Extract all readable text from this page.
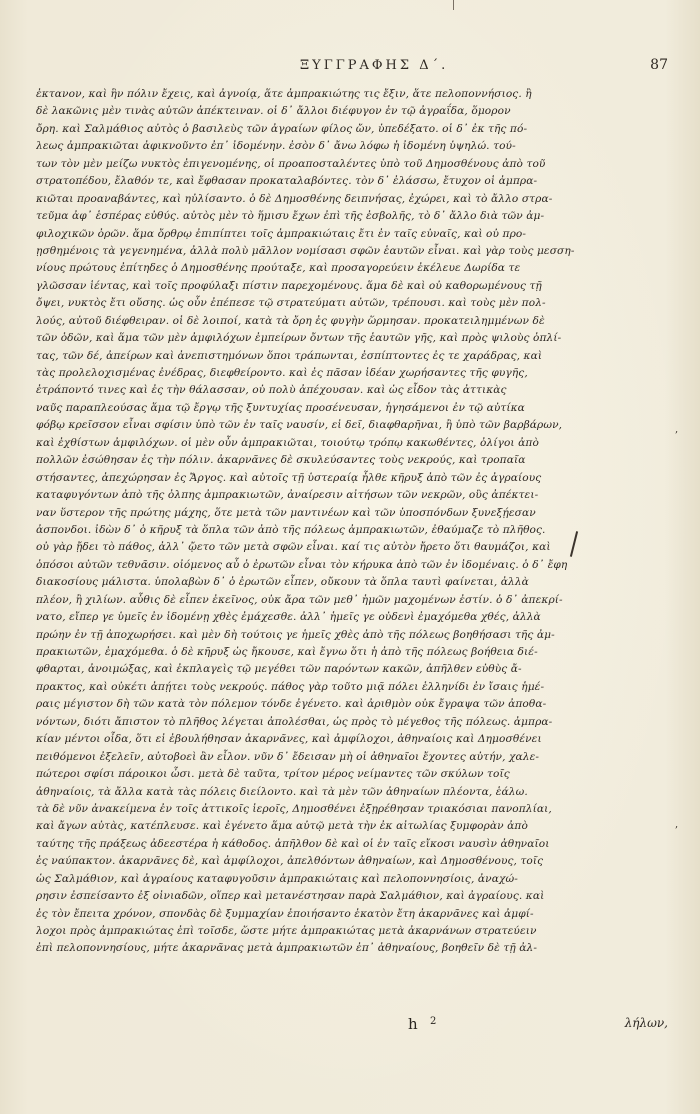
ΞΥΓΓΡΑΦΗΣ Δ΄.	87
ἐκτανον, καὶ ἣν πόλιν ἔχεις, καὶ ἀγνοίᾳ, ἅτε ἀμπρακιώτης τις ἔξιν, ἅτε πελοποννήσιος. ἢ
δὲ λακῶνις μὲν τινὰς αὐτῶν ἀπέκτειναν. οἱ δ᾽ ἄλλοι διέφυγον ἐν τῷ ἀγραΐδα, ὅμορον
ὄρη. καὶ Σαλμάθιος αὐτὸς ὁ βασιλεὺς τῶν ἀγραίων φίλος ὤν, ὑπεδέξατο. οἱ δ᾽ ἐκ τῆς πό-
λεως ἀμπρακιῶται ἀφικνοῦντο ἐπ᾽ ἰδομένην. ἐσὸν δ᾽ ἄνω λόφω ἡ ἰδομένη ὑψηλώ. τού-
των τὸν μὲν μείζω νυκτὸς ἐπιγενομένης, οἱ προαποσταλέντες ὑπὸ τοῦ Δημοσθένους ἀπὸ τοῦ
στρατοπέδου, ἔλαθόν τε, καὶ ἔφθασαν προκαταλαβόντες. τὸν δ᾽ ἐλάσσω, ἔτυχον οἱ ἀμπρα-
κιῶται προαναβάντες, καὶ ηὐλίσαντο. ὁ δὲ Δημοσθένης δειπνήσας, ἐχώρει, καὶ τὸ ἄλλο στρα-
τεῦμα ἀφ᾽ ἑσπέρας εὐθύς. αὐτὸς μὲν τὸ ἥμισυ ἔχων ἐπὶ τῆς ἐσβολῆς, τὸ δ᾽ ἄλλο διὰ τῶν ἀμ-
φιλοχικῶν ὀρῶν. ἅμα ὄρθρῳ ἐπιπίπτει τοῖς ἀμπρακιώταις ἔτι ἐν ταῖς εὐναῖς, καὶ οὐ προ-
ῃσθημένοις τὰ γεγενημένα, ἀλλὰ πολὺ μᾶλλον νομίσασι σφῶν ἑαυτῶν εἶναι. καὶ γὰρ τοὺς μεσση-
νίους πρώτους ἐπίτηδες ὁ Δημοσθένης προύταξε, καὶ προσαγορεύειν ἐκέλευε Δωρίδα τε
γλῶσσαν ἱέντας, καὶ τοῖς προφύλαξι πίστιν παρεχομένους. ἅμα δὲ καὶ οὐ καθορωμένους τῇ
ὄψει, νυκτὸς ἔτι οὔσης. ὡς οὖν ἐπέπεσε τῷ στρατεύματι αὐτῶν, τρέπουσι. καὶ τοὺς μὲν πολ-
λούς, αὐτοῦ διέφθειραν. οἱ δὲ λοιποί, κατὰ τὰ ὄρη ἐς φυγὴν ὥρμησαν. προκατειλημμένων δὲ
τῶν ὁδῶν, καὶ ἅμα τῶν μὲν ἀμφιλόχων ἐμπείρων ὄντων τῆς ἑαυτῶν γῆς, καὶ πρὸς ψιλοὺς ὁπλί-
τας, τῶν δέ, ἀπείρων καὶ ἀνεπιστημόνων ὅποι τράπωνται, ἐσπίπτοντες ἐς τε χαράδρας, καὶ
τὰς προλελοχισμένας ἐνέδρας, διεφθείροντο. καὶ ἐς πᾶσαν ἰδέαν χωρήσαντες τῆς φυγῆς,
ἐτράποντό τινες καὶ ἐς τὴν θάλασσαν, οὐ πολὺ ἀπέχουσαν. καὶ ὡς εἶδον τὰς ἀττικὰς
ναῦς παραπλεούσας ἅμα τῷ ἔργῳ τῆς ξυντυχίας προσένευσαν, ἡγησάμενοι ἐν τῷ αὐτίκα
φόβῳ κρεῖσσον εἶναι σφίσιν ὑπὸ τῶν ἐν ταῖς ναυσίν, εἰ δεῖ, διαφθαρῆναι, ἢ ὑπὸ τῶν βαρβάρων,
καὶ ἐχθίστων ἀμφιλόχων. οἱ μὲν οὖν ἀμπρακιῶται, τοιούτῳ τρόπῳ κακωθέντες, ὀλίγοι ἀπὸ
πολλῶν ἐσώθησαν ἐς τὴν πόλιν. ἀκαρνᾶνες δὲ σκυλεύσαντες τοὺς νεκρούς, καὶ τροπαῖα
στήσαντες, ἀπεχώρησαν ἐς Ἄργος. καὶ αὐτοῖς τῇ ὑστεραίᾳ ἦλθε κῆρυξ ἀπὸ τῶν ἐς ἀγραίους
καταφυγόντων ἀπὸ τῆς ὀλπης ἀμπρακιωτῶν, ἀναίρεσιν αἰτήσων τῶν νεκρῶν, οὓς ἀπέκτει-
ναν ὕστερον τῆς πρώτης μάχης, ὅτε μετὰ τῶν μαντινέων καὶ τῶν ὑποσπόνδων ξυνεξῄεσαν
ἀσπονδοι. ἰδὼν δ᾽ ὁ κῆρυξ τὰ ὅπλα τῶν ἀπὸ τῆς πόλεως ἀμπρακιωτῶν, ἐθαύμαζε τὸ πλῆθος.
οὐ γὰρ ᾔδει τὸ πάθος, ἀλλ᾽ ᾤετο τῶν μετὰ σφῶν εἶναι. καί τις αὐτὸν ἤρετο ὅτι θαυμάζοι, καὶ
ὁπόσοι αὐτῶν τεθνᾶσιν. οἰόμενος αὖ ὁ ἐρωτῶν εἶναι τὸν κήρυκα ἀπὸ τῶν ἐν ἰδομέναις. ὁ δ᾽ ἔφη
διακοσίους μάλιστα. ὑπολαβὼν δ᾽ ὁ ἐρωτῶν εἶπεν, οὔκουν τὰ ὅπλα ταυτὶ φαίνεται, ἀλλὰ
πλέον, ἢ χιλίων. αὖθις δὲ εἶπεν ἐκεῖνος, οὐκ ἄρα τῶν μεθ᾽ ἡμῶν μαχομένων ἐστίν. ὁ δ᾽ ἀπεκρί-
νατο, εἴπερ γε ὑμεῖς ἐν ἰδομένῃ χθὲς ἐμάχεσθε. ἀλλ᾽ ἡμεῖς γε οὐδενὶ ἐμαχόμεθα χθές, ἀλλὰ
πρώην ἐν τῇ ἀποχωρήσει. καὶ μὲν δὴ τούτοις γε ἡμεῖς χθὲς ἀπὸ τῆς πόλεως βοηθήσασι τῆς ἀμ-
πρακιωτῶν, ἐμαχόμεθα. ὁ δὲ κῆρυξ ὡς ἤκουσε, καὶ ἔγνω ὅτι ἡ ἀπὸ τῆς πόλεως βοήθεια διέ-
φθαρται, ἀνοιμώξας, καὶ ἐκπλαγεὶς τῷ μεγέθει τῶν παρόντων κακῶν, ἀπῆλθεν εὐθὺς ἄ-
πρακτος, καὶ οὐκέτι ἀπῄτει τοὺς νεκρούς. πάθος γὰρ τοῦτο μιᾷ πόλει ἑλληνίδι ἐν ἴσαις ἡμέ-
ραις μέγιστον δὴ τῶν κατὰ τὸν πόλεμον τόνδε ἐγένετο. καὶ ἀριθμὸν οὐκ ἔγραψα τῶν ἀποθα-
νόντων, διότι ἄπιστον τὸ πλῆθος λέγεται ἀπολέσθαι, ὡς πρὸς τὸ μέγεθος τῆς πόλεως. ἀμπρα-
κίαν μέντοι οἶδα, ὅτι εἰ ἐβουλήθησαν ἀκαρνᾶνες, καὶ ἀμφίλοχοι, ἀθηναίοις καὶ Δημοσθένει
πειθόμενοι ἐξελεῖν, αὐτοβοεὶ ἂν εἷλον. νῦν δ᾽ ἔδεισαν μὴ οἱ ἀθηναῖοι ἔχοντες αὐτήν, χαλε-
πώτεροι σφίσι πάροικοι ὦσι. μετὰ δὲ ταῦτα, τρίτον μέρος νείμαντες τῶν σκύλων τοῖς
ἀθηναίοις, τὰ ἄλλα κατὰ τὰς πόλεις διείλοντο. καὶ τὰ μὲν τῶν ἀθηναίων πλέοντα, ἑάλω.
τὰ δὲ νῦν ἀνακείμενα ἐν τοῖς ἀττικοῖς ἱεροῖς, Δημοσθένει ἐξῃρέθησαν τριακόσιαι πανοπλίαι,
καὶ ἄγων αὐτὰς, κατέπλευσε. καὶ ἐγένετο ἅμα αὐτῷ μετὰ τὴν ἐκ αἰτωλίας ξυμφορὰν ἀπὸ
ταύτης τῆς πράξεως ἀδεεστέρα ἡ κάθοδος. ἀπῆλθον δὲ καὶ οἱ ἐν ταῖς εἴκοσι ναυσὶν ἀθηναῖοι
ἐς ναύπακτον. ἀκαρνᾶνες δὲ, καὶ ἀμφίλοχοι, ἀπελθόντων ἀθηναίων, καὶ Δημοσθένους, τοῖς
ὡς Σαλμάθιον, καὶ ἀγραίους καταφυγοῦσιν ἀμπρακιώταις καὶ πελοποννησίοις, ἀναχώ-
ρησιν ἐσπείσαντο ἐξ οἰνιαδῶν, οἵπερ καὶ μετανέστησαν παρὰ Σαλμάθιον, καὶ ἀγραίους. καὶ
ἐς τὸν ἔπειτα χρόνον, σπονδὰς δὲ ξυμμαχίαν ἐποιήσαντο ἑκατὸν ἔτη ἀκαρνᾶνες καὶ ἀμφί-
λοχοι πρὸς ἀμπρακιώτας ἐπὶ τοῖσδε, ὥστε μήτε ἀμπρακιώτας μετὰ ἀκαρνάνων στρατεύειν
ἐπὶ πελοποννησίους, μήτε ἀκαρνᾶνας μετὰ ἀμπρακιωτῶν ἐπ᾽ ἀθηναίους, βοηθεῖν δὲ τῇ ἀλ-
,
,
h 2	λήλων,
